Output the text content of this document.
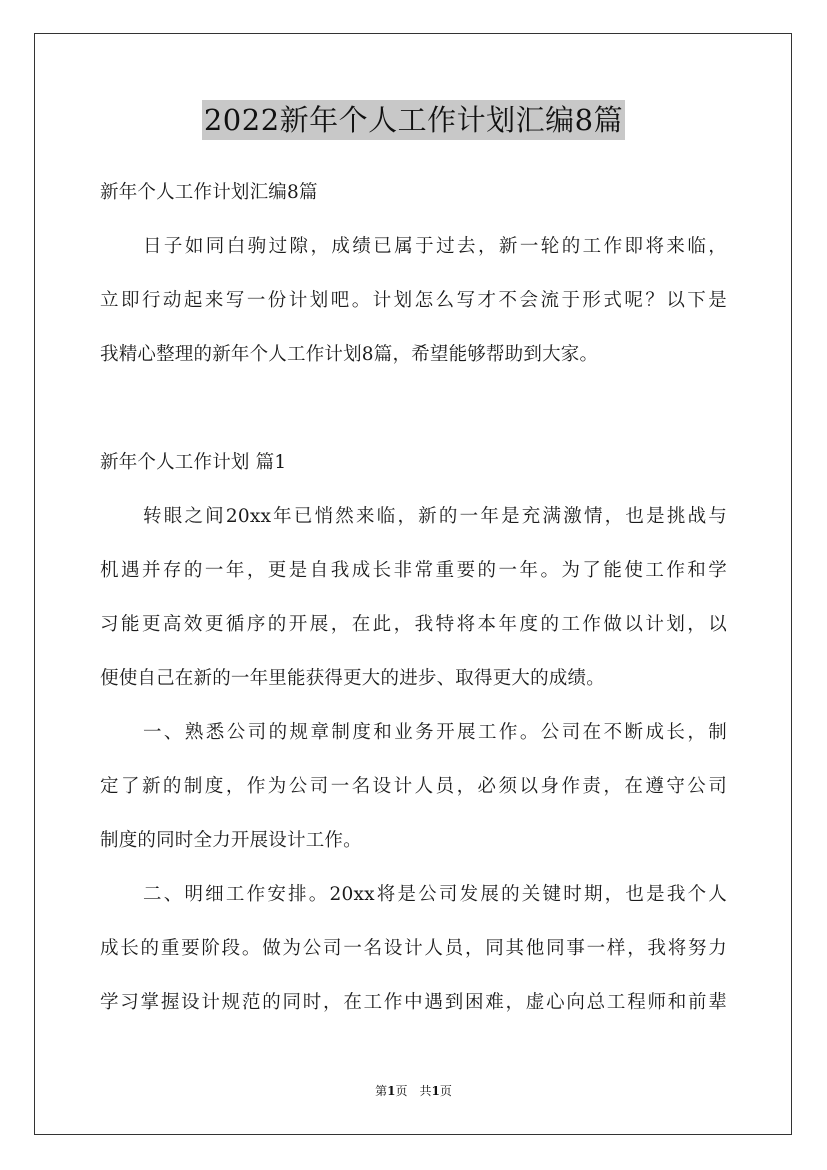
2022新年个人工作计划汇编8篇
新年个人工作计划汇编8篇
日子如同白驹过隙，成绩已属于过去，新一轮的工作即将来临，
立即行动起来写一份计划吧。计划怎么写才不会流于形式呢？以下是
我精心整理的新年个人工作计划8篇，希望能够帮助到大家。
新年个人工作计划 篇1
转眼之间20xx年已悄然来临，新的一年是充满激情，也是挑战与
机遇并存的一年，更是自我成长非常重要的一年。为了能使工作和学
习能更高效更循序的开展，在此，我特将本年度的工作做以计划，以
便使自己在新的一年里能获得更大的进步、取得更大的成绩。
一、熟悉公司的规章制度和业务开展工作。公司在不断成长，制
定了新的制度，作为公司一名设计人员，必须以身作责，在遵守公司
制度的同时全力开展设计工作。
二、明细工作安排。20xx将是公司发展的关键时期，也是我个人
成长的重要阶段。做为公司一名设计人员，同其他同事一样，我将努力
学习掌握设计规范的同时，在工作中遇到困难，虚心向总工程师和前辈
第1页　共1页
